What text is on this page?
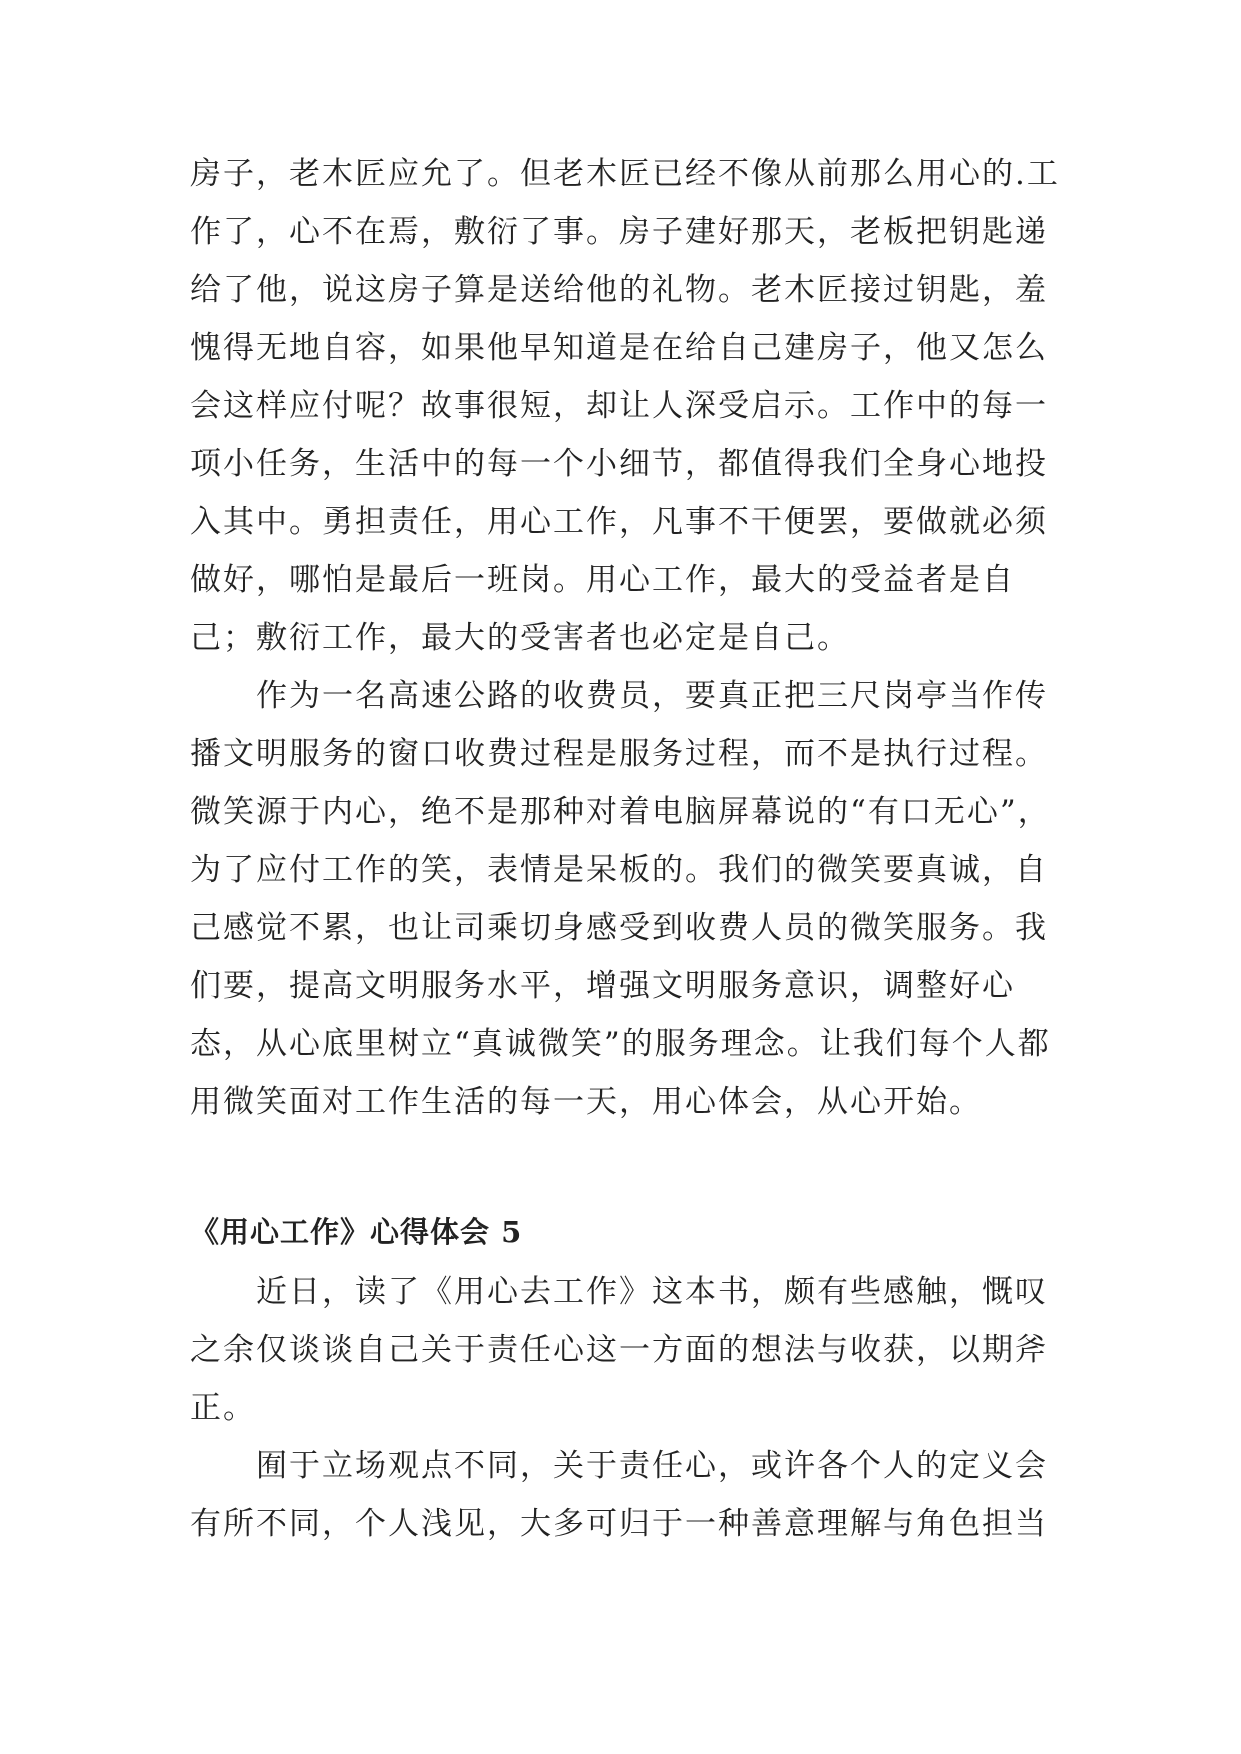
房子，老木匠应允了。但老木匠已经不像从前那么用心的.工作了，心不在焉，敷衍了事。房子建好那天，老板把钥匙递给了他，说这房子算是送给他的礼物。老木匠接过钥匙，羞愧得无地自容，如果他早知道是在给自己建房子，他又怎么会这样应付呢？故事很短，却让人深受启示。工作中的每一项小任务，生活中的每一个小细节，都值得我们全身心地投入其中。勇担责任，用心工作，凡事不干便罢，要做就必须做好，哪怕是最后一班岗。用心工作，最大的受益者是自己；敷衍工作，最大的受害者也必定是自己。

作为一名高速公路的收费员，要真正把三尺岗亭当作传播文明服务的窗口收费过程是服务过程，而不是执行过程。微笑源于内心，绝不是那种对着电脑屏幕说的“有口无心”，为了应付工作的笑，表情是呆板的。我们的微笑要真诚，自己感觉不累，也让司乘切身感受到收费人员的微笑服务。我们要，提高文明服务水平，增强文明服务意识，调整好心态，从心底里树立“真诚微笑”的服务理念。让我们每个人都用微笑面对工作生活的每一天，用心体会，从心开始。

《用心工作》心得体会 5

近日，读了《用心去工作》这本书，颇有些感触，慨叹之余仅谈谈自己关于责任心这一方面的想法与收获，以期斧正。

囿于立场观点不同，关于责任心，或许各个人的定义会有所不同，个人浅见，大多可归于一种善意理解与角色担当
